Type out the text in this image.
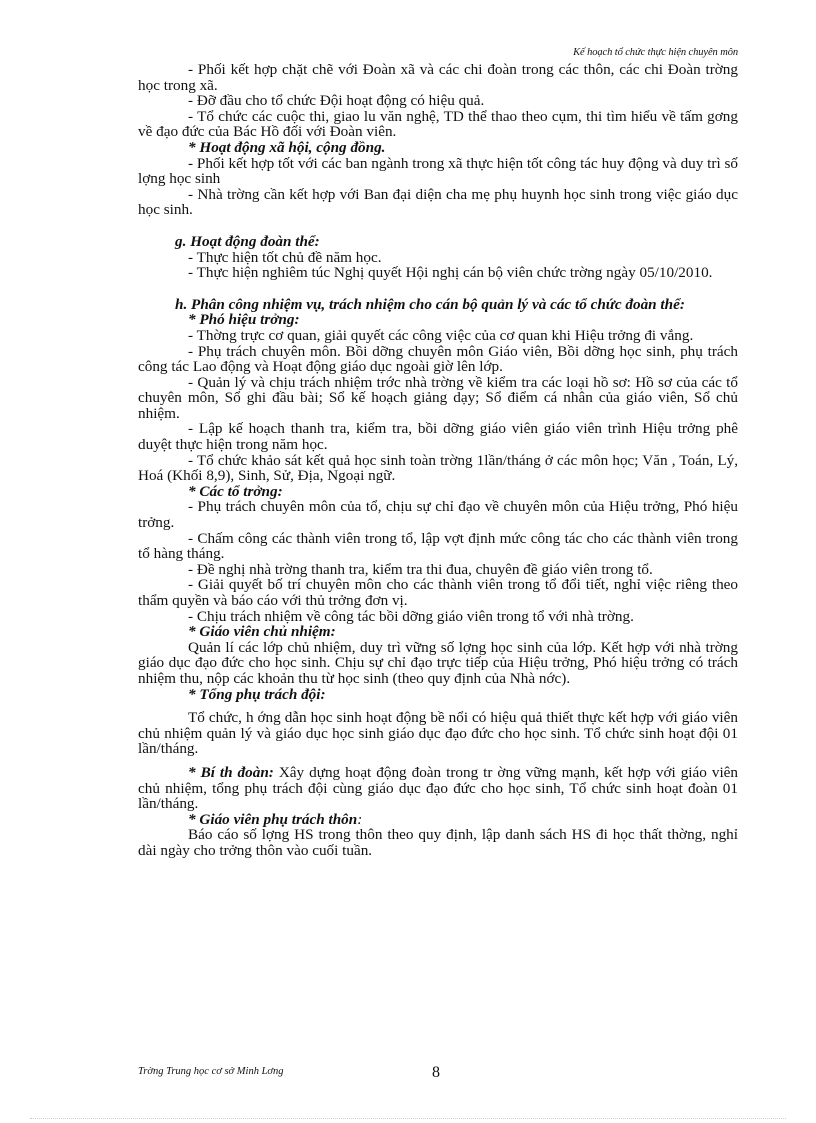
Kế hoạch tổ chức thực hiện chuyên môn

- Phối kết hợp chặt chẽ với Đoàn xã và các chi đoàn trong các thôn, các chi Đoàn trờng học trong xã.

- Đỡ đầu cho tổ chức Đội hoạt động có hiệu quả.

- Tổ chức các cuộc thi, giao lu văn nghệ, TD thể thao theo cụm, thi tìm hiểu về tấm gơng về đạo đức của Bác Hồ đối với Đoàn viên.

* Hoạt động xã hội, cộng đồng.

- Phối kết hợp tốt với các ban ngành trong xã thực hiện tốt công tác huy động và duy trì số lợng học sinh

- Nhà trờng cần kết hợp với Ban đại diện cha mẹ phụ huynh học sinh trong việc giáo dục học sinh.

g. Hoạt động đoàn thể:

- Thực hiện tốt chủ đề năm học.

- Thực hiện nghiêm túc Nghị quyết Hội nghị cán bộ viên chức trờng ngày 05/10/2010.

h. Phân công nhiệm vụ, trách nhiệm cho cán bộ quản lý và các tổ chức đoàn thể:

* Phó hiệu trởng:

- Thờng trực cơ quan, giải quyết các công việc của cơ quan khi Hiệu trởng đi vắng.

- Phụ trách chuyên môn. Bồi dỡng chuyên môn Giáo viên, Bồi dỡng học sinh, phụ trách công tác Lao động và Hoạt động giáo dục ngoài giờ lên lớp.

- Quản lý và chịu trách nhiệm trớc nhà trờng về kiểm tra các loại hồ sơ: Hồ sơ của các tổ chuyên môn, Sổ ghi đầu bài; Sổ kế hoạch giảng dạy; Sổ điểm cá nhân của giáo viên, Sổ chủ nhiệm.

- Lập kế hoạch thanh tra, kiểm tra, bồi dỡng giáo viên giáo viên trình Hiệu trởng phê duyệt thực hiện trong năm học.

- Tổ chức khảo sát kết quả học sinh toàn trờng 1lần/tháng ở các môn học; Văn , Toán, Lý, Hoá (Khối 8,9), Sinh, Sử, Địa, Ngoại ngữ.

* Các tổ trởng:

- Phụ trách chuyên môn của tổ, chịu sự chỉ đạo về chuyên môn của Hiệu trởng, Phó hiệu trởng.

- Chấm công các thành viên trong tổ, lập vợt định mức công tác cho các thành viên trong tổ hàng tháng.

- Đề nghị nhà trờng thanh tra, kiểm tra thi đua, chuyên đề giáo viên trong tổ.

- Giải quyết bố trí chuyên môn cho các thành viên trong tổ đổi tiết, nghỉ việc riêng theo thẩm quyền và báo cáo với thủ trởng đơn vị.

- Chịu trách nhiệm về công tác bồi dỡng giáo viên trong tổ với nhà trờng.

* Giáo viên chủ nhiệm:

Quản lí các lớp chủ nhiệm, duy trì vững số lợng học sinh của lớp. Kết hợp với nhà trờng giáo dục đạo đức cho học sinh. Chịu sự chỉ đạo trực tiếp của Hiệu trởng, Phó hiệu trởng có trách nhiệm thu, nộp các khoản thu từ học sinh (theo quy định của Nhà nớc).

* Tổng phụ trách đội:

Tổ chức, h ớng dẫn học sinh hoạt động bề nổi có hiệu quả thiết thực kết hợp với giáo viên chủ nhiệm quản lý và giáo dục học sinh giáo dục đạo đức cho học sinh. Tổ chức sinh hoạt đội 01 lần/tháng.

* Bí th đoàn: Xây dựng hoạt động đoàn trong tr ờng vững mạnh, kết hợp với giáo viên chủ nhiệm, tổng phụ trách đội cùng giáo dục đạo đức cho học sinh, Tổ chức sinh hoạt đoàn 01 lần/tháng.

* Giáo viên phụ trách thôn:

Báo cáo số lợng HS trong thôn theo quy định, lập danh sách HS đi học thất thờng, nghỉ dài ngày cho trởng thôn vào cuối tuần.

Trờng Trung học cơ sở Minh Lơng	8
